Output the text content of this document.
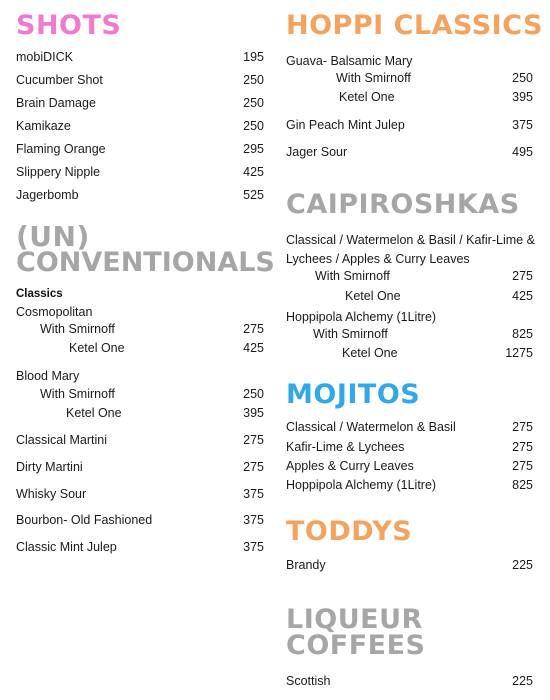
SHOTS
mobiDICK	195
Cucumber Shot	250
Brain Damage	250
Kamikaze	250
Flaming Orange	295
Slippery Nipple	425
Jagerbomb	525
(UN)
CONVENTIONALS
Classics
Cosmopolitan
With Smirnoff	275
Ketel One	425
Blood Mary
With Smirnoff	250
Ketel One	395
Classical Martini	275
Dirty Martini	275
Whisky Sour	375
Bourbon- Old Fashioned	375
Classic Mint Julep	375
HOPPI CLASSICS
Guava- Balsamic Mary
With Smirnoff	250
Ketel One	395
Gin Peach Mint Julep	375
Jager Sour	495
CAIPIROSHKAS
Classical / Watermelon & Basil / Kafir-Lime &
Lychees / Apples & Curry Leaves
With Smirnoff	275
Ketel One	425
Hoppipola Alchemy (1Litre)
With Smirnoff	825
Ketel One	1275
MOJITOS
Classical / Watermelon & Basil	275
Kafir-Lime & Lychees	275
Apples & Curry Leaves	275
Hoppipola Alchemy (1Litre)	825
TODDYS
Brandy	225
LIQUEUR
COFFEES
Scottish	225
